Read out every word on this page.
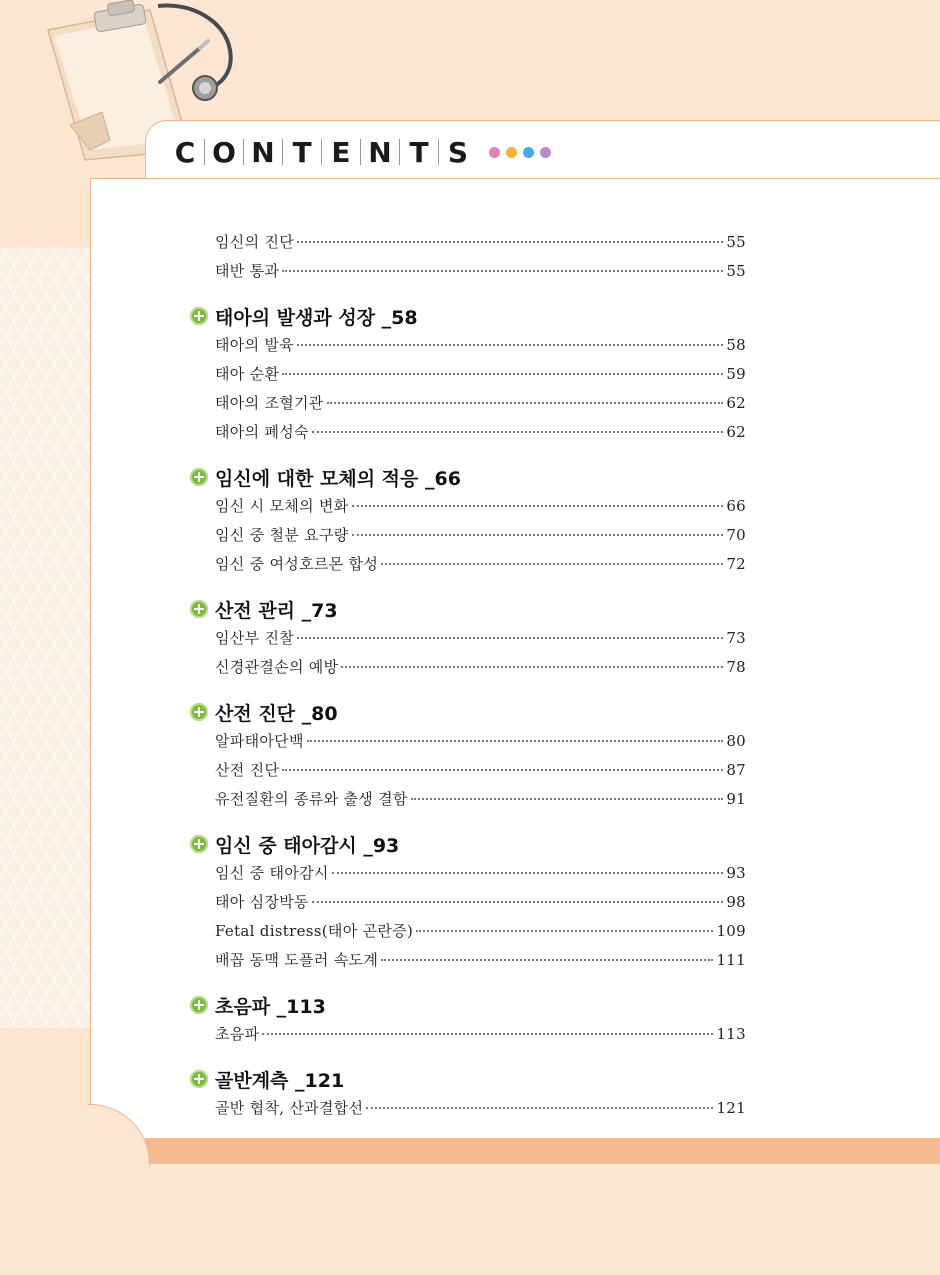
C O N T E N T S
임신의 진단	55
태반 통과	55
태아의 발생과 성장 _58
태아의 발육	58
태아 순환	59
태아의 조혈기관	62
태아의 폐성숙	62
임신에 대한 모체의 적응 _66
임신 시 모체의 변화	66
임신 중 철분 요구량	70
임신 중 여성호르몬 합성	72
산전 관리 _73
임산부 진찰	73
신경관결손의 예방	78
산전 진단 _80
알파태아단백	80
산전 진단	87
유전질환의 종류와 출생 결함	91
임신 중 태아감시 _93
임신 중 태아감시	93
태아 심장박동	98
Fetal distress(태아 곤란증)	109
배꼽 동맥 도플러 속도계	111
초음파 _113
초음파	113
골반계측 _121
골반 협착, 산과결합선	121
